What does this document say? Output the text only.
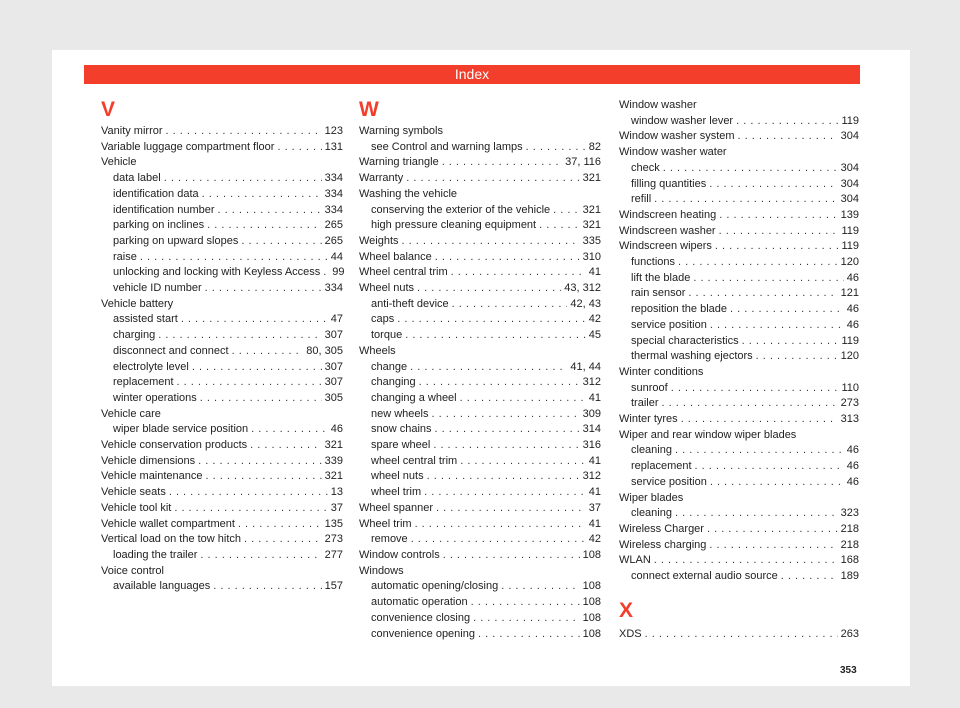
Index
V
Vanity mirror . . .	123
Variable luggage compartment floor . . .	131
Vehicle
data label . . .	334
identification data . . .	334
identification number . . .	334
parking on inclines . . .	265
parking on upward slopes . . .	265
raise . . .	44
unlocking and locking with Keyless Access . . . 99
vehicle ID number . . .	334
Vehicle battery
assisted start . . .	47
charging . . .	307
disconnect and connect . . .	80, 305
electrolyte level . . .	307
replacement . . .	307
winter operations . . .	305
Vehicle care
wiper blade service position . . .	46
Vehicle conservation products . . .	321
Vehicle dimensions . . .	339
Vehicle maintenance . . .	321
Vehicle seats . . .	13
Vehicle tool kit . . .	37
Vehicle wallet compartment . . .	135
Vertical load on the tow hitch . . .	273
loading the trailer . . .	277
Voice control
available languages . . .	157
W
Warning symbols
see Control and warning lamps . . .	82
Warning triangle . . .	37, 116
Warranty . . .	321
Washing the vehicle
conserving the exterior of the vehicle . . .	321
high pressure cleaning equipment . . .	321
Weights . . .	335
Wheel balance . . .	310
Wheel central trim . . .	41
Wheel nuts . . .	43, 312
anti-theft device . . .	42, 43
caps . . .	42
torque . . .	45
Wheels
change . . .	41, 44
changing . . .	312
changing a wheel . . .	41
new wheels . . .	309
snow chains . . .	314
spare wheel . . .	316
wheel central trim . . .	41
wheel nuts . . .	312
wheel trim . . .	41
Wheel spanner . . .	37
Wheel trim . . .	41
remove . . .	42
Window controls . . .	108
Windows
automatic opening/closing . . .	108
automatic operation . . .	108
convenience closing . . .	108
convenience opening . . .	108
Window washer
window washer lever . . .	119
Window washer system . . .	304
Window washer water
check . . .	304
filling quantities . . .	304
refill . . .	304
Windscreen heating . . .	139
Windscreen washer . . .	119
Windscreen wipers . . .	119
functions . . .	120
lift the blade . . .	46
rain sensor . . .	121
reposition the blade . . .	46
service position . . .	46
special characteristics . . .	119
thermal washing ejectors . . .	120
Winter conditions
sunroof . . .	110
trailer . . .	273
Winter tyres . . .	313
Wiper and rear window wiper blades
cleaning . . .	46
replacement . . .	46
service position . . .	46
Wiper blades
cleaning . . .	323
Wireless Charger . . .	218
Wireless charging . . .	218
WLAN . . .	168
connect external audio source . . .	189
X
XDS . . .	263
353
